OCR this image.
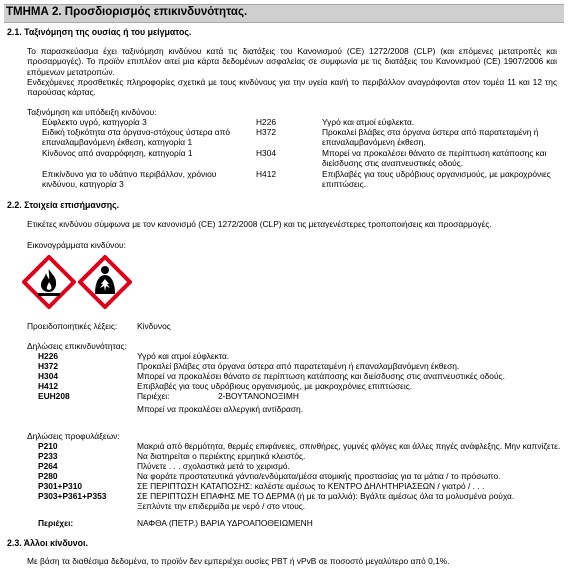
ΤΜΗΜΑ 2. Προσδιορισμός επικινδυνότητας.
2.1. Ταξινόμηση της ουσίας ή του μείγματος.
Το παρασκεύασμα έχει ταξινόμηση κινδύνου κατά τις διατάξεις του Κανονισμού (CE) 1272/2008 (CLP) (και επόμενες μετατροπές και προσαρμογές). Το προϊόν επιπλέον αιτεί μια κάρτα δεδομένων ασφαλείας σε συμφωνία με τις διατάξεις του Κανονισμού (CE) 1907/2006 και επόμενων μετατροπών.
Ενδεχόμενες προσθετικές πληροφορίες σχετικά με τους κινδύνους για την υγεία και/ή το περιβάλλον αναγράφονται στον τομέα 11 και 12 της παρούσας κάρτας.
Ταξινόμηση και υπόδειξη κινδύνου:
Εύφλεκτο υγρό, κατηγορία 3	H226	Υγρό και ατμοί εύφλεκτα.
Ειδική τοξικότητα στα όργανα-στόχους ύστερα από επαναλαμβανόμενη έκθεση, κατηγορία 1
H372	Προκαλεί βλάβες στα όργανα ύστερα από παρατεταμένη ή επαναλαμβανόμενη έκθεση.
Κίνδυνος από αναρρόφηση, κατηγορία 1	H304	Μπορεί να προκαλέσει θάνατο σε περίπτωση κατάποσης και διείσδυσης στις αναπνευστικές οδούς.
Επικίνδυνο για το υδάτινο περιβάλλον, χρόνιου κινδύνου, κατηγορία 3
H412	Επιβλαβές για τους υδρόβιους οργανισμούς, με μακροχρόνιες επιπτώσεις.
2.2. Στοιχεία επισήμανσης.
Ετικέτες κινδύνου σύμφωνα με τον κανονισμό (CE) 1272/2008 (CLP) και τις μεταγενέστερες τροποποιήσεις και προσαρμογές.
Εικονογράμματα κινδύνου:
Προειδοποιητικές λέξεις: Κίνδυνος
Δηλώσεις επικινδυνότητας:
H226	Υγρό και ατμοί εύφλεκτα.
H372	Προκαλεί βλάβες στα όργανα ύστερα από παρατεταμένη ή επαναλαμβανόμενη έκθεση.
H304	Μπορεί να προκαλέσει θάνατο σε περίπτωση κατάποσης και διείσδυσης στις αναπνευστικές οδούς.
H412	Επιβλαβές για τους υδρόβιους οργανισμούς, με μακροχρόνιες επιπτώσεις.
EUH208	Περιέχει:	2-ΒΟΥΤΑΝΟΝΟΞΙΜΗ
Μπορεί να προκαλέσει αλλεργική αντίδραση.
Δηλώσεις προφυλάξεων:
P210	Μακριά από θερμότητα, θερμές επιφάνειες, σπινθήρες, γυμνές φλόγες και άλλες πηγές ανάφλεξης. Μην καπνίζετε.
P233	Να διατηρείται ο περιέκτης ερμητικά κλειστός.
P264	Πλύνετε . . . σχολαστικά μετά το χειρισμό.
P280	Να φοράτε προστατευτικά γάντια/ενδύματα/μέσα ατομικής προστασίας για τα μάτια / το πρόσωπο.
P301+P310	ΣΕ ΠΕΡΙΠΤΩΣΗ ΚΑΤΑΠΟΣΗΣ: καλέστε αμέσως το ΚΕΝΤΡΟ ΔΗΛΗΤΗΡΙΑΣΕΩΝ / γιατρό / . . .
P303+P361+P353	ΣΕ ΠΕΡΙΠΤΩΣΗ ΕΠΑΦΗΣ ΜΕ ΤΟ ΔΕΡΜΑ (ή με τα μαλλιά): Βγάλτε αμέσως όλα τα μολυσμένα ρούχα. Ξεπλύντε την επιδερμίδα με νερό / στο ντους.
Περιέχει:	ΝΑΦΘΑ (ΠΕΤΡ.) ΒΑΡΙΑ ΥΔΡΟΑΠΟΘΕΙΩΜΕΝΗ
2.3. Άλλοι κίνδυνοι.
Με βάση τα διαθέσιμα δεδομένα, το προϊόν δεν εμπεριέχει ουσίες PBT ή vPvB σε ποσοστό μεγαλύτερο από 0,1%.
